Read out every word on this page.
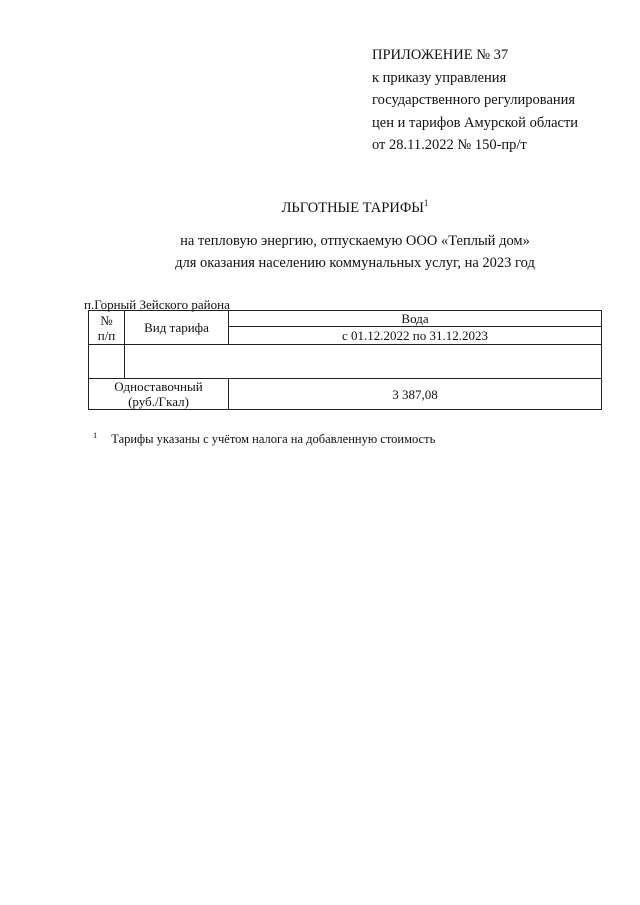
ПРИЛОЖЕНИЕ № 37
к приказу управления
государственного регулирования
цен и тарифов Амурской области
от 28.11.2022 № 150-пр/т
ЛЬГОТНЫЕ ТАРИФЫ$^1$
на тепловую энергию, отпускаемую ООО «Теплый дом»
для оказания населению коммунальных услуг, на 2023 год
п.Горный Зейского района
№
п/п	Вид тарифа	Вода
		с 01.12.2022 по 31.12.2023

Одноставочный
(руб./Гкал)		3 387,08
$^1$ Тарифы указаны с учётом налога на добавленную стоимость
